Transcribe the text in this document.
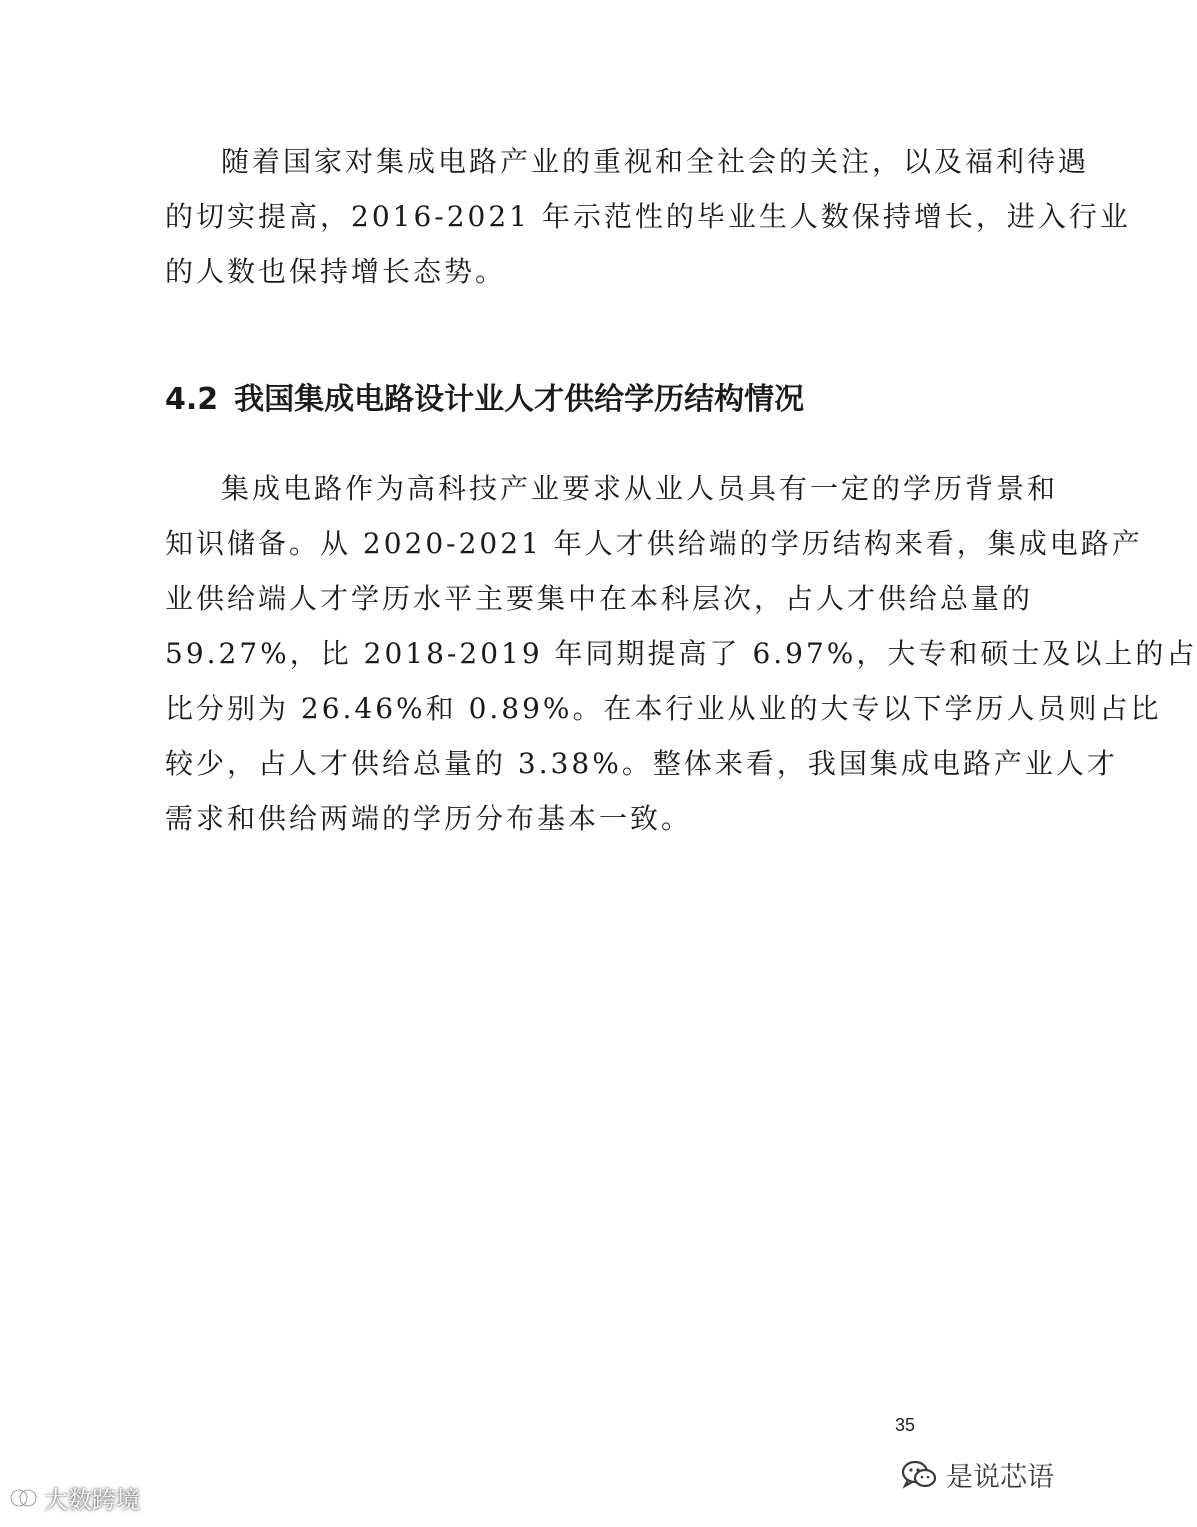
随着国家对集成电路产业的重视和全社会的关注，以及福利待遇
的切实提高，2016-2021 年示范性的毕业生人数保持增长，进入行业
的人数也保持增长态势。

4.2 我国集成电路设计业人才供给学历结构情况

集成电路作为高科技产业要求从业人员具有一定的学历背景和
知识储备。从 2020-2021 年人才供给端的学历结构来看，集成电路产
业供给端人才学历水平主要集中在本科层次，占人才供给总量的
59.27%，比 2018-2019 年同期提高了 6.97%，大专和硕士及以上的占
比分别为 26.46%和 0.89%。在本行业从业的大专以下学历人员则占比
较少，占人才供给总量的 3.38%。整体来看，我国集成电路产业人才
需求和供给两端的学历分布基本一致。

35
大数跨境
是说芯语
